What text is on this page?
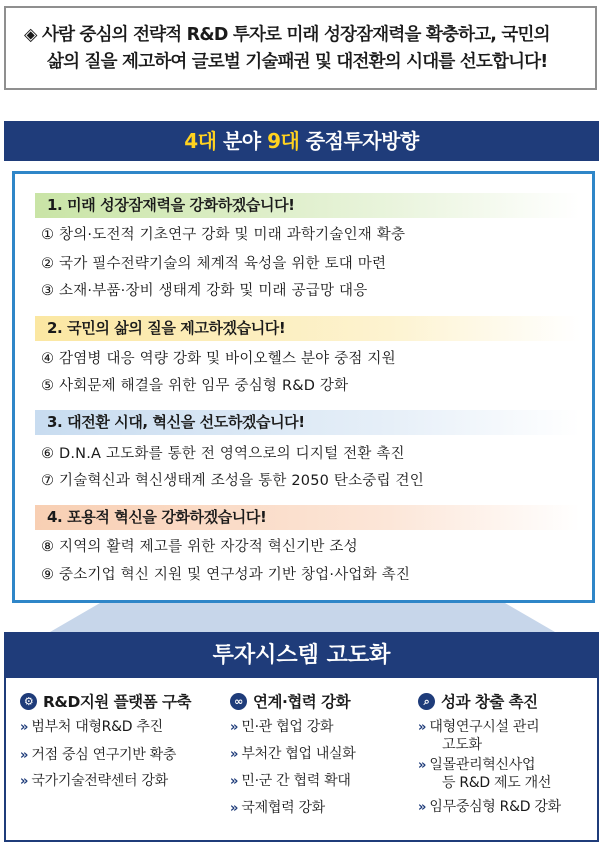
◈ 사람 중심의 전략적 R&D 투자로 미래 성장잠재력을 확충하고, 국민의

삶의 질을 제고하여 글로벌 기술패권 및 대전환의 시대를 선도합니다!

4대 분야 9대 중점투자방향
1. 미래 성장잠재력을 강화하겠습니다!
① 창의·도전적 기초연구 강화 및 미래 과학기술인재 확충
② 국가 필수전략기술의 체계적 육성을 위한 토대 마련
③ 소재·부품·장비 생태계 강화 및 미래 공급망 대응
2. 국민의 삶의 질을 제고하겠습니다!
④ 감염병 대응 역량 강화 및 바이오헬스 분야 중점 지원
⑤ 사회문제 해결을 위한 임무 중심형 R&D 강화
3. 대전환 시대, 혁신을 선도하겠습니다!
⑥ D.N.A 고도화를 통한 전 영역으로의 디지털 전환 촉진
⑦ 기술혁신과 혁신생태계 조성을 통한 2050 탄소중립 견인
4. 포용적 혁신을 강화하겠습니다!
⑧ 지역의 활력 제고를 위한 자강적 혁신기반 조성
⑨ 중소기업 혁신 지원 및 연구성과 기반 창업·사업화 촉진
투자시스템 고도화
⚙ R&D지원 플랫폼 구축
» 범부처 대형R&D 추진
» 거점 중심 연구기반 확충
» 국가기술전략센터 강화
∞ 연계·협력 강화
» 민·관 협업 강화
» 부처간 협업 내실화
» 민·군 간 협력 확대
» 국제협력 강화
⌕ 성과 창출 촉진
» 대형연구시설 관리
고도화
» 일몰관리혁신사업
등 R&D 제도 개선
» 임무중심형 R&D 강화
